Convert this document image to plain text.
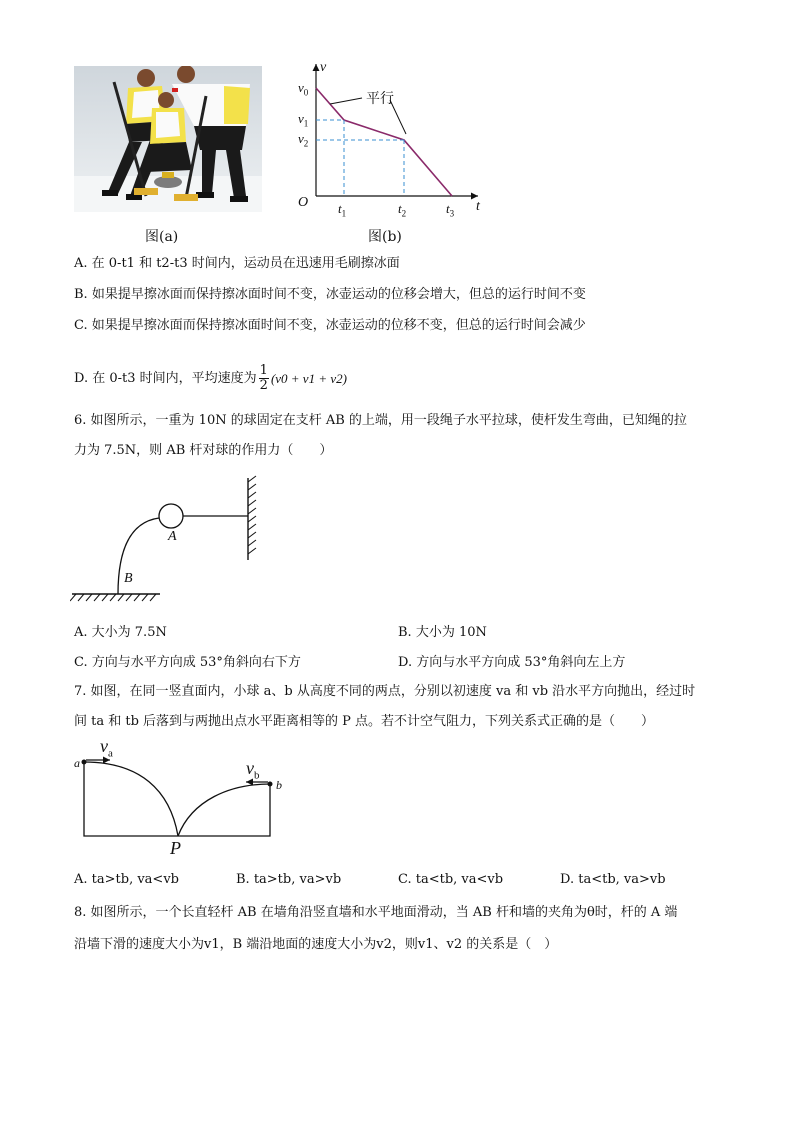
图(a)
v
t
O
$v_0$
$v_1$
$v_2$
$t_1$	$t_2$	$t_3$
平行
图(b)
A. 在 0-t1 和 t2-t3 时间内，运动员在迅速用毛刷擦冰面
B. 如果提早擦冰面而保持擦冰面时间不变，冰壶运动的位移会增大，但总的运行时间不变
C. 如果提早擦冰面而保持擦冰面时间不变，冰壶运动的位移不变，但总的运行时间会减少
D. 在 0-t3 时间内，平均速度为 $\frac{1}{2} (v0 + v1 + v2)$
6. 如图所示，一重为 10N 的球固定在支杆 AB 的上端，用一段绳子水平拉球，使杆发生弯曲，已知绳的拉
力为 7.5N，则 AB 杆对球的作用力（　　）
A
B
A. 大小为 7.5N	B. 大小为 10N
C. 方向与水平方向成 53°角斜向右下方	D. 方向与水平方向成 53°角斜向左上方
7. 如图，在同一竖直面内，小球 a、b 从高度不同的两点，分别以初速度 va 和 vb 沿水平方向抛出，经过时
间 ta 和 tb 后落到与两抛出点水平距离相等的 P 点。若不计空气阻力，下列关系式正确的是（　　）
a
b
$v_a$
$v_b$
P
A. ta>tb, va<vb	B. ta>tb, va>vb	C. ta<tb, va<vb	D. ta<tb, va>vb
8. 如图所示，一个长直轻杆 AB 在墙角沿竖直墙和水平地面滑动，当 AB 杆和墙的夹角为θ时，杆的 A 端
沿墙下滑的速度大小为v1，B 端沿地面的速度大小为v2，则v1、v2 的关系是（　）
